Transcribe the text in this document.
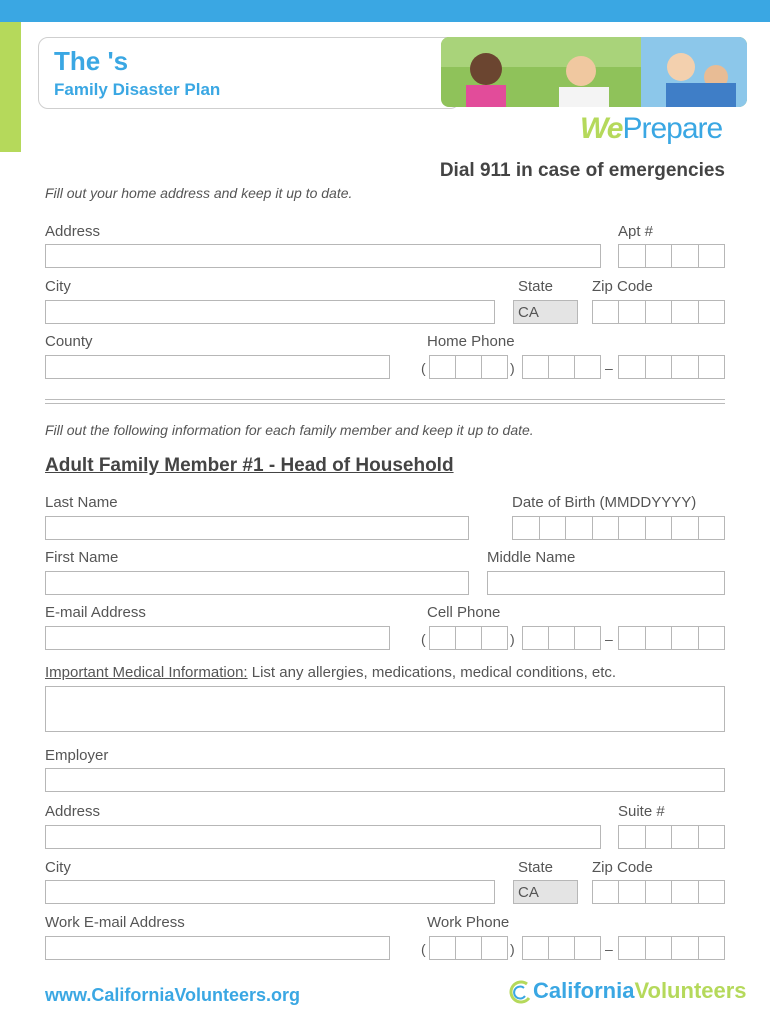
The 's
Family Disaster Plan
WePrepare
Dial 911 in case of emergencies
Fill out your home address and keep it up to date.
Address	Apt #
City	State	Zip Code
CA
County	Home Phone
(	)	–
Fill out the following information for each family member and keep it up to date.
Adult Family Member #1 - Head of Household
Last Name	Date of Birth (MMDDYYYY)
First Name	Middle Name
E-mail Address	Cell Phone
(	)	–
Important Medical Information: List any allergies, medications, medical conditions, etc.
Employer
Address	Suite #
City	State	Zip Code
CA
Work E-mail Address	Work Phone
(	)	–
www.CaliforniaVolunteers.org	CaliforniaVolunteers
